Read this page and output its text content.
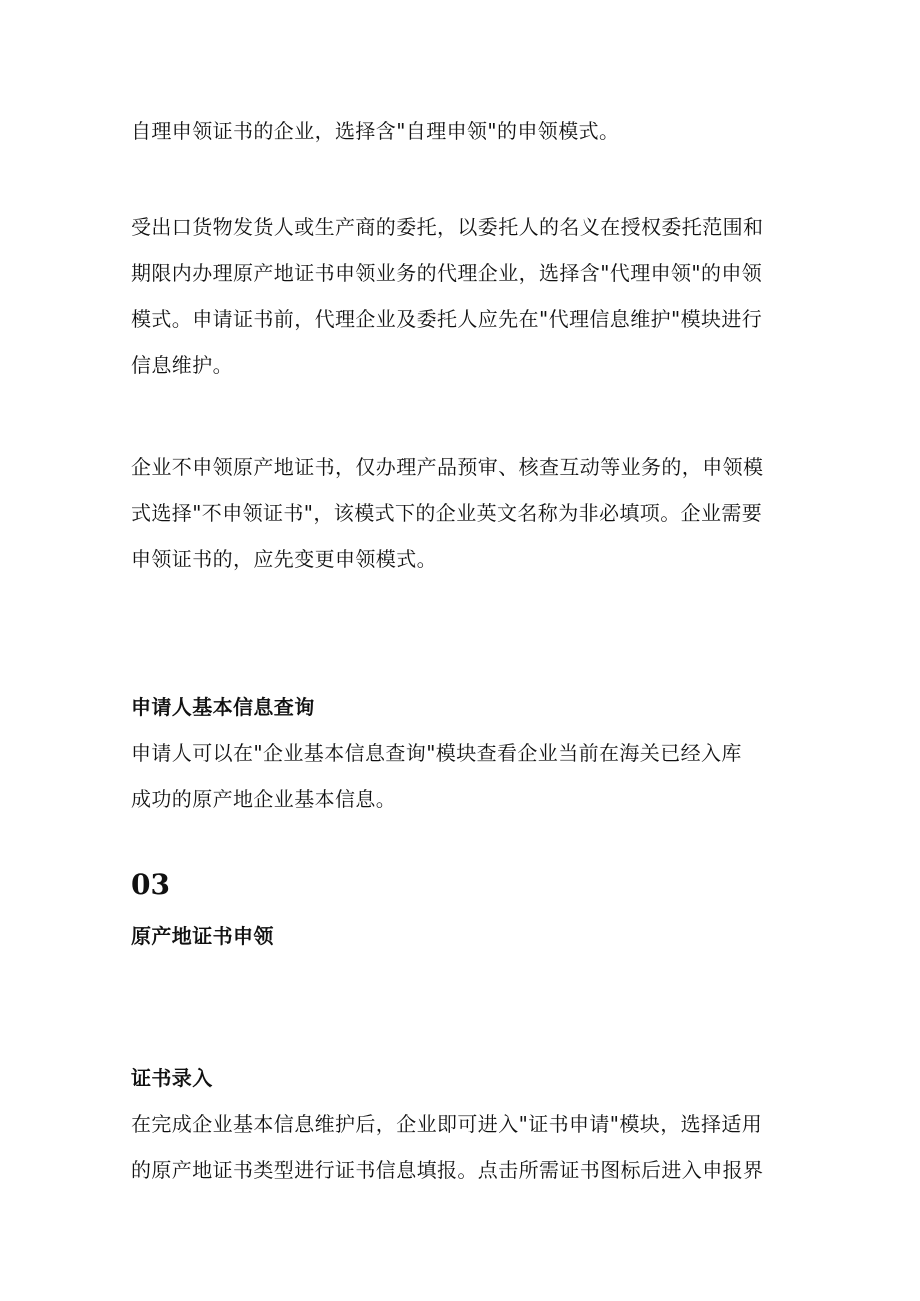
自理申领证书的企业，选择含"自理申领"的申领模式。

受出口货物发货人或生产商的委托，以委托人的名义在授权委托范围和
期限内办理原产地证书申领业务的代理企业，选择含"代理申领"的申领
模式。申请证书前，代理企业及委托人应先在"代理信息维护"模块进行
信息维护。

企业不申领原产地证书，仅办理产品预审、核查互动等业务的，申领模
式选择"不申领证书"，该模式下的企业英文名称为非必填项。企业需要
申领证书的，应先变更申领模式。

申请人基本信息查询

申请人可以在"企业基本信息查询"模块查看企业当前在海关已经入库
成功的原产地企业基本信息。

03
原产地证书申领
证书录入

在完成企业基本信息维护后，企业即可进入"证书申请"模块，选择适用
的原产地证书类型进行证书信息填报。点击所需证书图标后进入申报界
